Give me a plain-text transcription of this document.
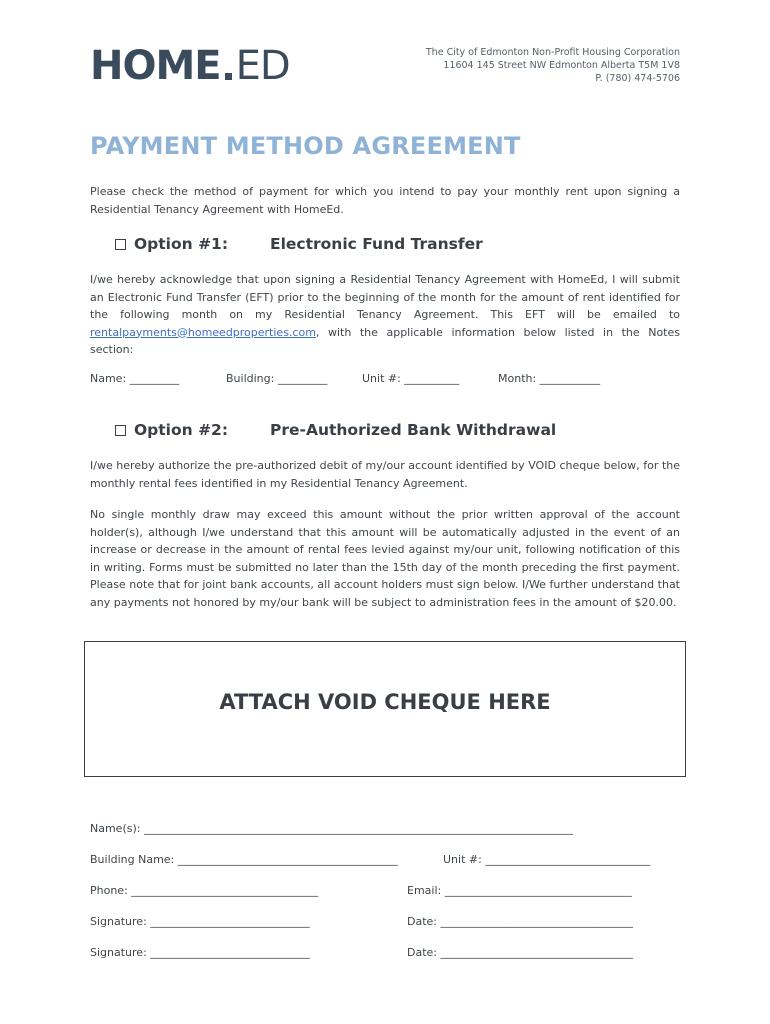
HOME ED	The City of Edmonton Non-Profit Housing Corporation
11604 145 Street NW Edmonton Alberta T5M 1V8
P. (780) 474-5706
PAYMENT METHOD AGREEMENT
Please check the method of payment for which you intend to pay your monthly rent upon signing a Residential Tenancy Agreement with HomeEd.
Option #1:	Electronic Fund Transfer
I/we hereby acknowledge that upon signing a Residential Tenancy Agreement with HomeEd, I will submit an Electronic Fund Transfer (EFT) prior to the beginning of the month for the amount of rent identified for the following month on my Residential Tenancy Agreement. This EFT will be emailed to rentalpayments@homeedproperties.com, with the applicable information below listed in the Notes section:
Name: _________	Building: _________	Unit #: __________	Month: ___________
Option #2:	Pre-Authorized Bank Withdrawal
I/we hereby authorize the pre-authorized debit of my/our account identified by VOID cheque below, for the monthly rental fees identified in my Residential Tenancy Agreement.
No single monthly draw may exceed this amount without the prior written approval of the account holder(s), although I/we understand that this amount will be automatically adjusted in the event of an increase or decrease in the amount of rental fees levied against my/our unit, following notification of this in writing. Forms must be submitted no later than the 15th day of the month preceding the first payment. Please note that for joint bank accounts, all account holders must sign below. I/We further understand that any payments not honored by my/our bank will be subject to administration fees in the amount of $20.00.
ATTACH VOID CHEQUE HERE
Name(s): ______________________________________________________________________________
Building Name: ________________________________________	Unit #: ______________________________
Phone: __________________________________	Email: __________________________________
Signature: _____________________________	Date: ___________________________________
Signature: _____________________________	Date: ___________________________________
